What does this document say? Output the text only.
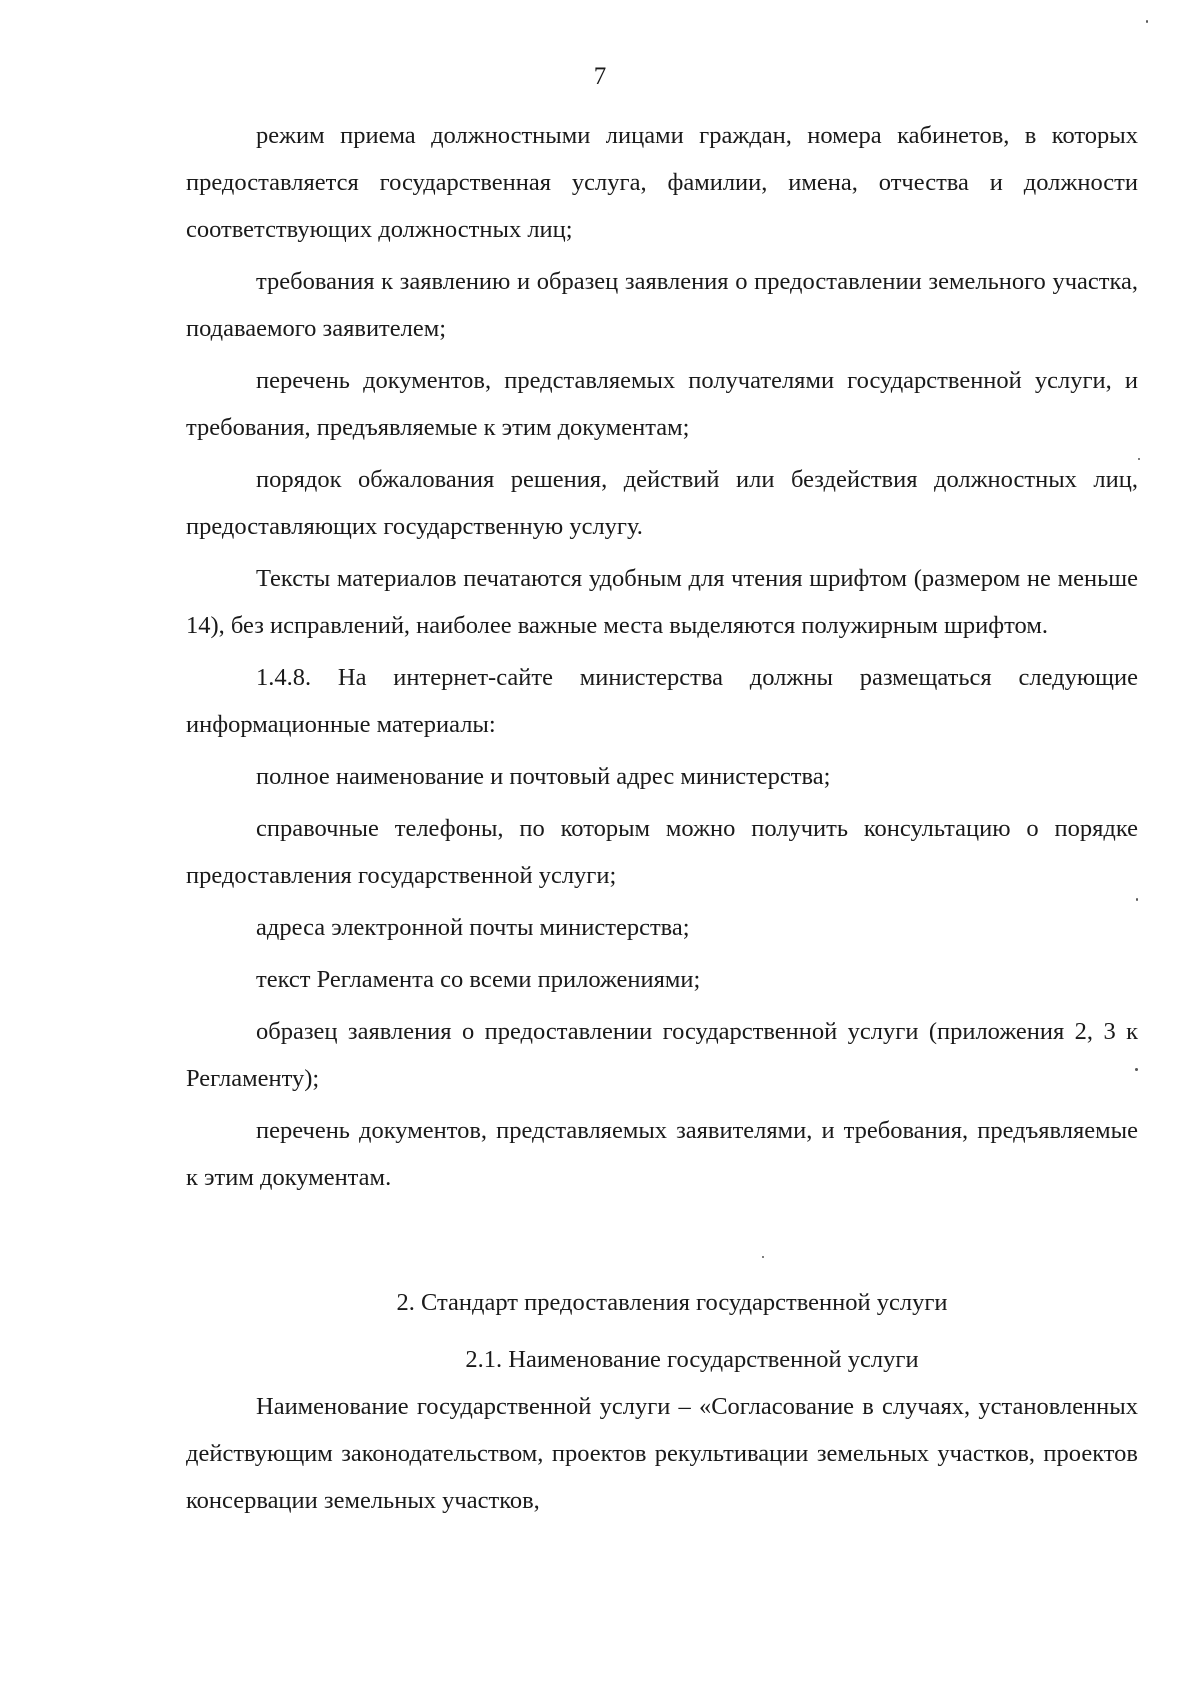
7

режим приема должностными лицами граждан, номера кабинетов, в которых предоставляется государственная услуга, фамилии, имена, отчества и должности соответствующих должностных лиц;

требования к заявлению и образец заявления о предоставлении земельного участка, подаваемого заявителем;

перечень документов, представляемых получателями государственной услуги, и требования, предъявляемые к этим документам;

порядок обжалования решения, действий или бездействия должностных лиц, предоставляющих государственную услугу.

Тексты материалов печатаются удобным для чтения шрифтом (размером не меньше 14), без исправлений, наиболее важные места выделяются полужирным шрифтом.

1.4.8. На интернет-сайте министерства должны размещаться следующие информационные материалы:

полное наименование и почтовый адрес министерства;

справочные телефоны, по которым можно получить консультацию о порядке предоставления государственной услуги;

адреса электронной почты министерства;

текст Регламента со всеми приложениями;

образец заявления о предоставлении государственной услуги (приложения 2, 3 к Регламенту);

перечень документов, представляемых заявителями, и требования, предъявляемые к этим документам.

2. Стандарт предоставления государственной услуги

2.1. Наименование государственной услуги

Наименование государственной услуги – «Согласование в случаях, установленных действующим законодательством, проектов рекультивации земельных участков, проектов консервации земельных участков,
